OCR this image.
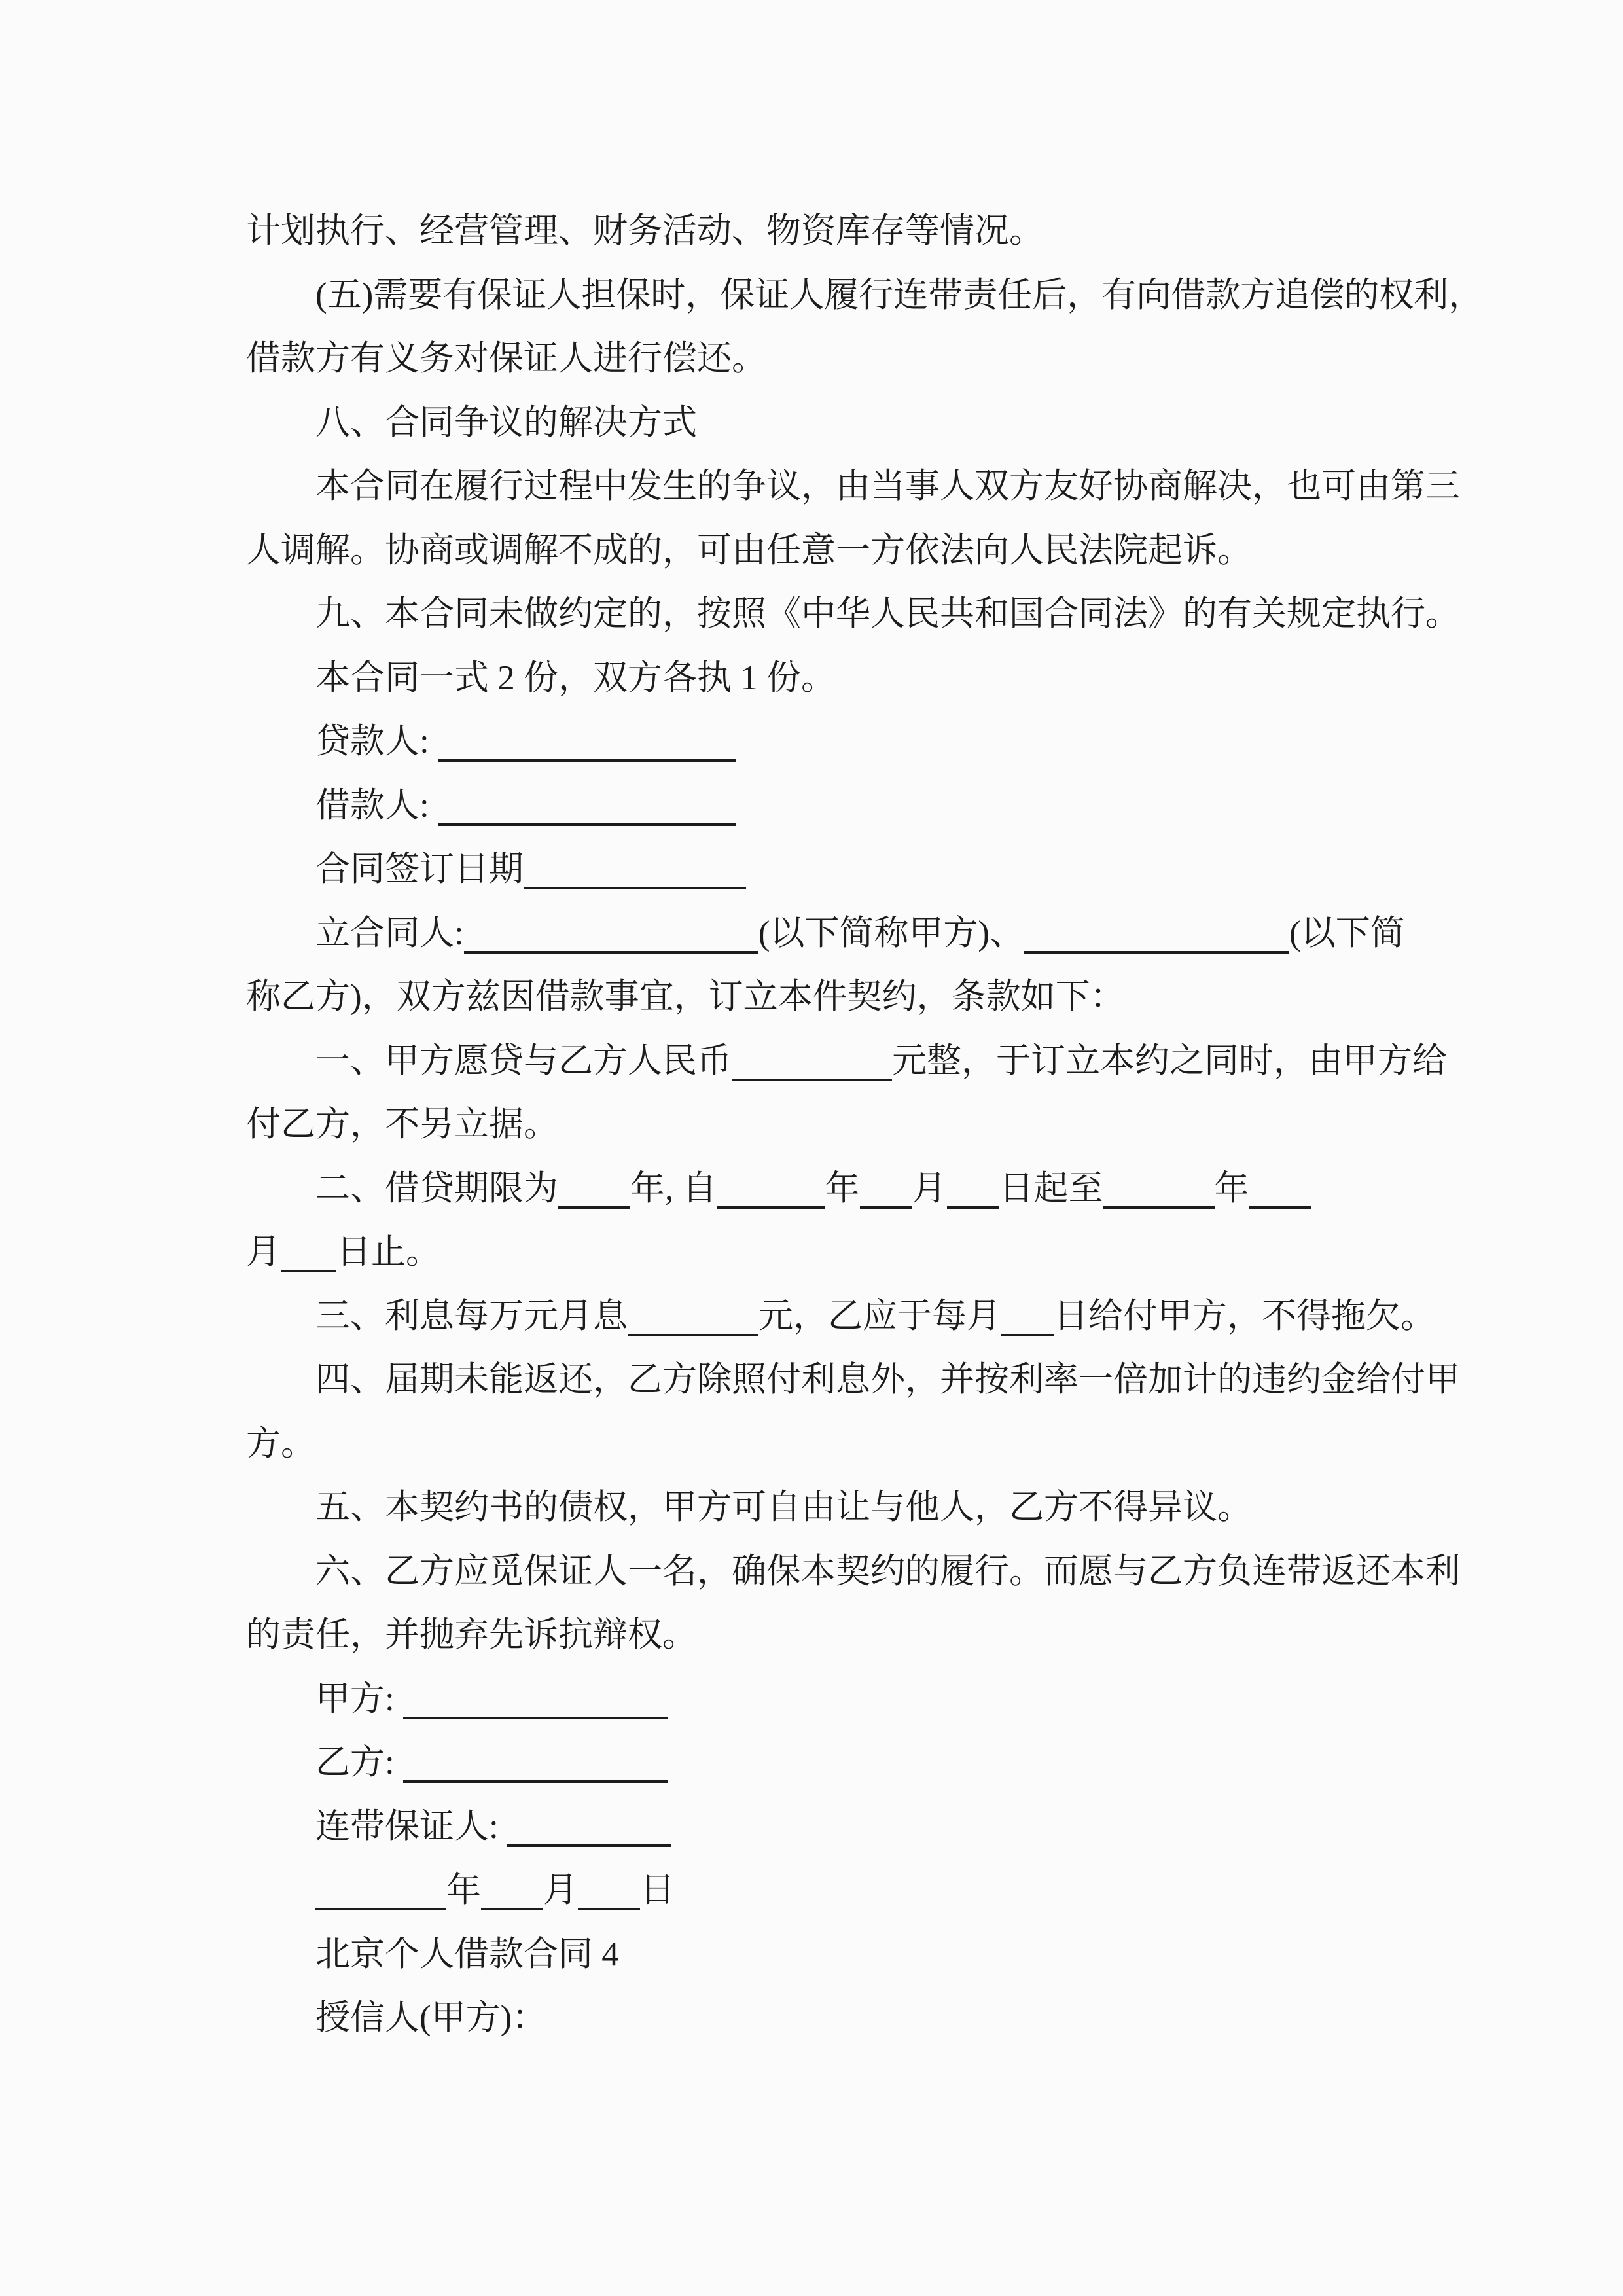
计划执行、经营管理、财务活动、物资库存等情况。
(五)需要有保证人担保时，保证人履行连带责任后，有向借款方追偿的权利，
借款方有义务对保证人进行偿还。
八、合同争议的解决方式
本合同在履行过程中发生的争议，由当事人双方友好协商解决，也可由第三
人调解。协商或调解不成的，可由任意一方依法向人民法院起诉。
九、本合同未做约定的，按照《中华人民共和国合同法》的有关规定执行。
本合同一式 2 份，双方各执 1 份。
贷款人:
借款人:
合同签订日期
立合同人:	(以下简称甲方)、	(以下简
称乙方)，双方兹因借款事宜，订立本件契约，条款如下：
一、甲方愿贷与乙方人民币	元整，于订立本约之同时，由甲方给
付乙方，不另立据。
二、借贷期限为 年, 自	年 月 日起至	年
月 日止。
三、利息每万元月息	元，乙应于每月 日给付甲方，不得拖欠。
四、届期未能返还，乙方除照付利息外，并按利率一倍加计的违约金给付甲
方。
五、本契约书的债权，甲方可自由让与他人，乙方不得异议。
六、乙方应觅保证人一名，确保本契约的履行。而愿与乙方负连带返还本利
的责任，并抛弃先诉抗辩权。
甲方:
乙方:
连带保证人:
年 月 日
北京个人借款合同 4
授信人(甲方)：
